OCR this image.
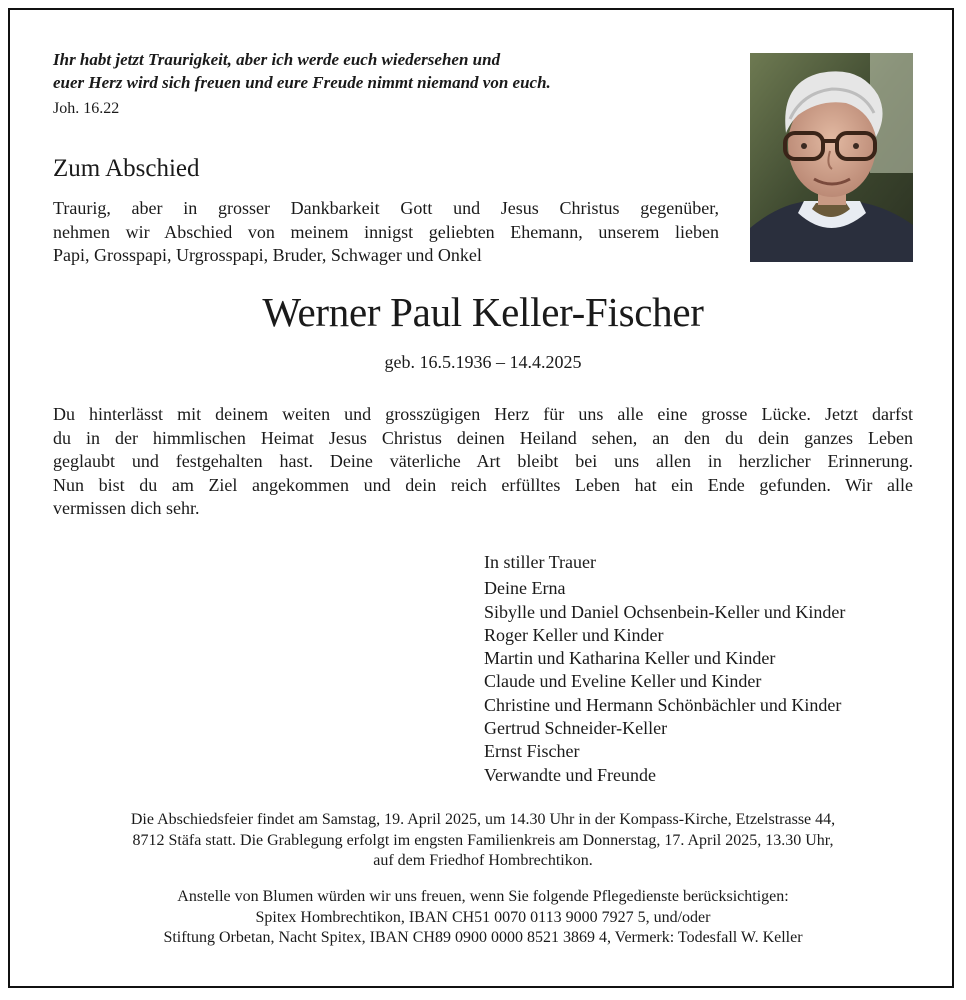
Ihr habt jetzt Traurigkeit, aber ich werde euch wiedersehen und
euer Herz wird sich freuen und eure Freude nimmt niemand von euch.
Joh. 16.22
Zum Abschied
Traurig, aber in grosser Dankbarkeit Gott und Jesus Christus gegenüber,
nehmen wir Abschied von meinem innigst geliebten Ehemann, unserem lieben
Papi, Grosspapi, Urgrosspapi, Bruder, Schwager und Onkel
Werner Paul Keller-Fischer
geb. 16.5.1936 – 14.4.2025
Du hinterlässt mit deinem weiten und grosszügigen Herz für uns alle eine grosse Lücke. Jetzt darfst
du in der himmlischen Heimat Jesus Christus deinen Heiland sehen, an den du dein ganzes Leben
geglaubt und festgehalten hast. Deine väterliche Art bleibt bei uns allen in herzlicher Erinnerung.
Nun bist du am Ziel angekommen und dein reich erfülltes Leben hat ein Ende gefunden. Wir alle
vermissen dich sehr.
In stiller Trauer
Deine Erna
Sibylle und Daniel Ochsenbein-Keller und Kinder
Roger Keller und Kinder
Martin und Katharina Keller und Kinder
Claude und Eveline Keller und Kinder
Christine und Hermann Schönbächler und Kinder
Gertrud Schneider-Keller
Ernst Fischer
Verwandte und Freunde
Die Abschiedsfeier findet am Samstag, 19. April 2025, um 14.30 Uhr in der Kompass-Kirche, Etzelstrasse 44,
8712 Stäfa statt. Die Grablegung erfolgt im engsten Familienkreis am Donnerstag, 17. April 2025, 13.30 Uhr,
auf dem Friedhof Hombrechtikon.
Anstelle von Blumen würden wir uns freuen, wenn Sie folgende Pflegedienste berücksichtigen:
Spitex Hombrechtikon, IBAN CH51 0070 0113 9000 7927 5, und/oder
Stiftung Orbetan, Nacht Spitex, IBAN CH89 0900 0000 8521 3869 4, Vermerk: Todesfall W. Keller
